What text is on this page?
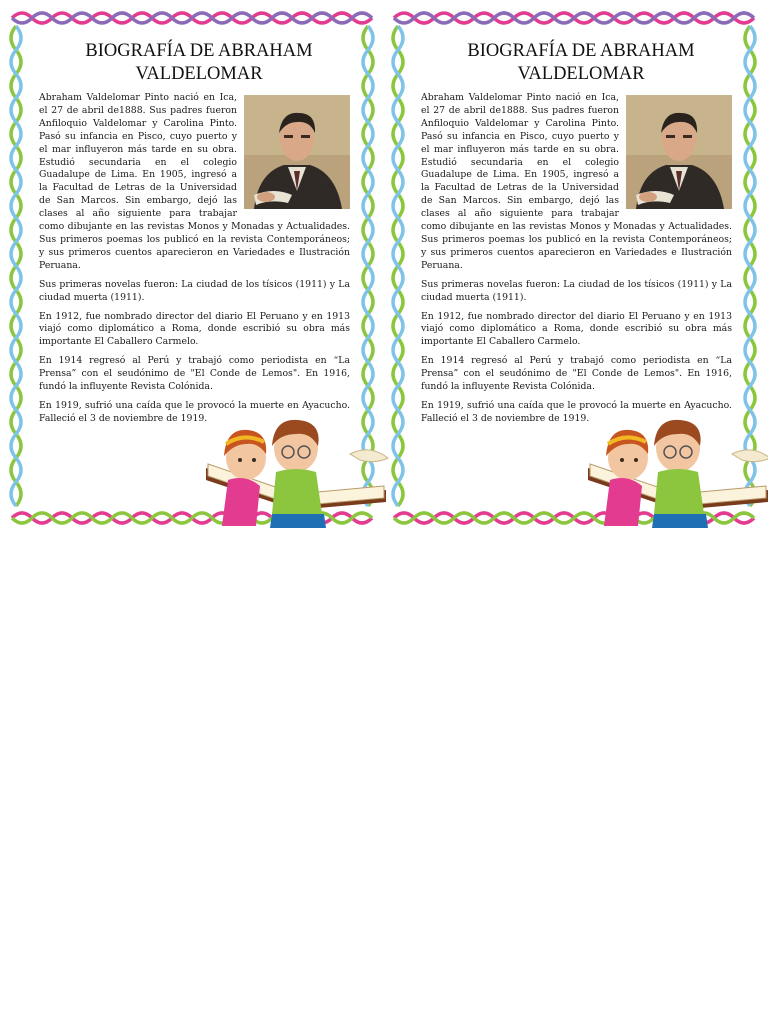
BIOGRAFÍA DE ABRAHAM VALDELOMAR

Abraham Valdelomar Pinto nació en Ica, el 27 de abril de1888. Sus padres fueron Anfiloquio Valdelomar y Carolina Pinto. Pasó su infancia en Pisco, cuyo puerto y el mar influyeron más tarde en su obra. Estudió secundaria en el colegio Guadalupe de Lima. En 1905, ingresó a la Facultad de Letras de la Universidad de San Marcos. Sin embargo, dejó las clases al año siguiente para trabajar como dibujante en las revistas Monos y Monadas y Actualidades. Sus primeros poemas los publicó en la revista Contemporáneos; y sus primeros cuentos aparecieron en Variedades e Ilustración Peruana.

Sus primeras novelas fueron: La ciudad de los tísicos (1911) y La ciudad muerta (1911).

En 1912, fue nombrado director del diario El Peruano y en 1913 viajó como diplomático a Roma, donde escribió su obra más importante El Caballero Carmelo.

En 1914 regresó al Perú y trabajó como periodista en “La Prensa” con el seudónimo de "El Conde de Lemos". En 1916, fundó la influyente Revista Colónida.

En 1919, sufrió una caída que le provocó la muerte en Ayacucho. Falleció el 3 de noviembre de 1919.

BIOGRAFÍA DE ABRAHAM VALDELOMAR

Abraham Valdelomar Pinto nació en Ica, el 27 de abril de1888. Sus padres fueron Anfiloquio Valdelomar y Carolina Pinto. Pasó su infancia en Pisco, cuyo puerto y el mar influyeron más tarde en su obra. Estudió secundaria en el colegio Guadalupe de Lima. En 1905, ingresó a la Facultad de Letras de la Universidad de San Marcos. Sin embargo, dejó las clases al año siguiente para trabajar como dibujante en las revistas Monos y Monadas y Actualidades. Sus primeros poemas los publicó en la revista Contemporáneos; y sus primeros cuentos aparecieron en Variedades e Ilustración Peruana.

Sus primeras novelas fueron: La ciudad de los tísicos (1911) y La ciudad muerta (1911).

En 1912, fue nombrado director del diario El Peruano y en 1913 viajó como diplomático a Roma, donde escribió su obra más importante El Caballero Carmelo.

En 1914 regresó al Perú y trabajó como periodista en “La Prensa” con el seudónimo de "El Conde de Lemos". En 1916, fundó la influyente Revista Colónida.

En 1919, sufrió una caída que le provocó la muerte en Ayacucho. Falleció el 3 de noviembre de 1919.
